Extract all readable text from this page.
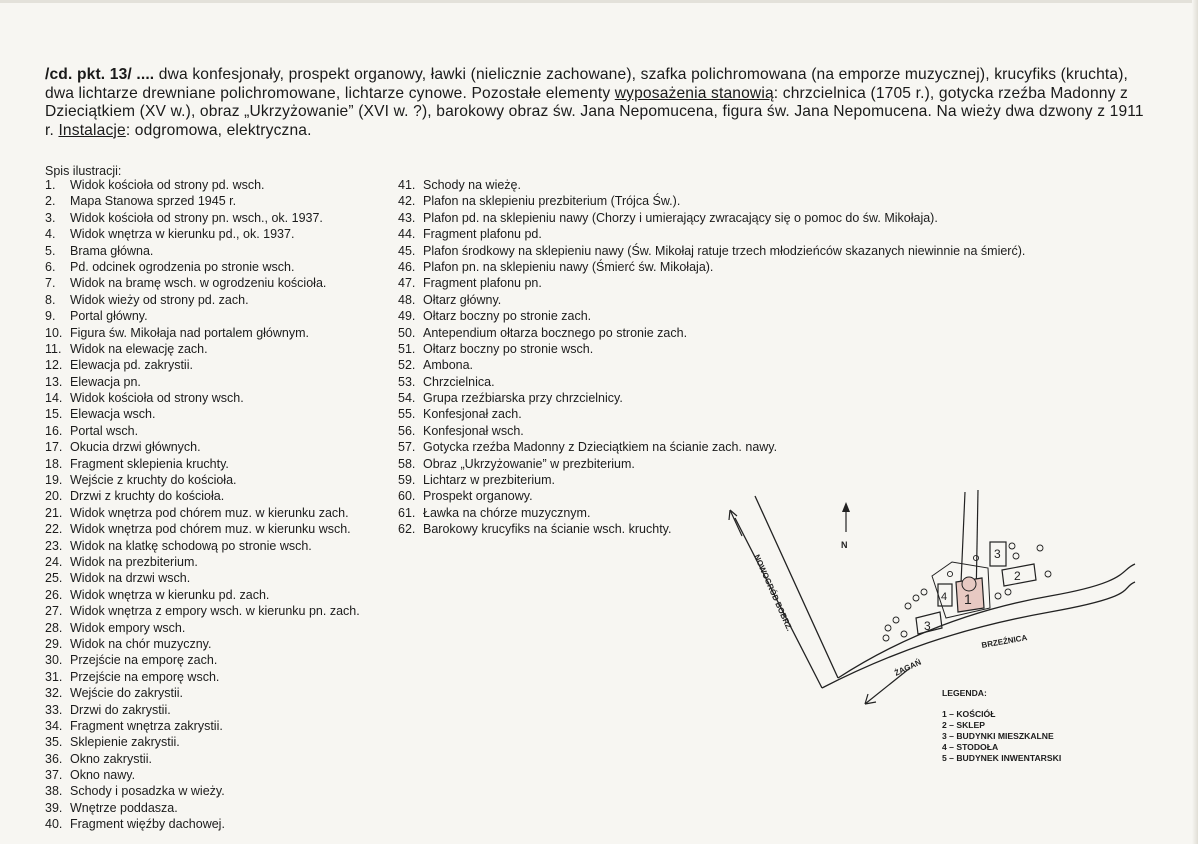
/cd. pkt. 13/ .... dwa konfesjonały, prospekt organowy, ławki (nielicznie zachowane), szafka polichromowana (na emporze muzycznej), krucyfiks (kruchta), dwa lichtarze drewniane polichromowane, lichtarze cynowe. Pozostałe elementy wyposażenia stanowią: chrzcielnica (1705 r.), gotycka rzeźba Madonny z Dzieciątkiem (XV w.), obraz „Ukrzyżowanie” (XVI w. ?), barokowy obraz św. Jana Nepomucena, figura św. Jana Nepomucena. Na wieży dwa dzwony z 1911 r. Instalacje: odgromowa, elektryczna.
Spis ilustracji:
1. Widok kościoła od strony pd. wsch.
2. Mapa Stanowa sprzed 1945 r.
3. Widok kościoła od strony pn. wsch., ok. 1937.
4. Widok wnętrza w kierunku pd., ok. 1937.
5. Brama główna.
6. Pd. odcinek ogrodzenia po stronie wsch.
7. Widok na bramę wsch. w ogrodzeniu kościoła.
8. Widok wieży od strony pd. zach.
9. Portal główny.
10. Figura św. Mikołaja nad portalem głównym.
11. Widok na elewację zach.
12. Elewacja pd. zakrystii.
13. Elewacja pn.
14. Widok kościoła od strony wsch.
15. Elewacja wsch.
16. Portal wsch.
17. Okucia drzwi głównych.
18. Fragment sklepienia kruchty.
19. Wejście z kruchty do kościoła.
20. Drzwi z kruchty do kościoła.
21. Widok wnętrza pod chórem muz. w kierunku zach.
22. Widok wnętrza pod chórem muz. w kierunku wsch.
23. Widok na klatkę schodową po stronie wsch.
24. Widok na prezbiterium.
25. Widok na drzwi wsch.
26. Widok wnętrza w kierunku pd. zach.
27. Widok wnętrza z empory wsch. w kierunku pn. zach.
28. Widok empory wsch.
29. Widok na chór muzyczny.
30. Przejście na emporę zach.
31. Przejście na emporę wsch.
32. Wejście do zakrystii.
33. Drzwi do zakrystii.
34. Fragment wnętrza zakrystii.
35. Sklepienie zakrystii.
36. Okno zakrystii.
37. Okno nawy.
38. Schody i posadzka w wieży.
39. Wnętrze poddasza.
40. Fragment więźby dachowej.
41. Schody na wieżę.
42. Plafon na sklepieniu prezbiterium (Trójca Św.).
43. Plafon pd. na sklepieniu nawy (Chorzy i umierający zwracający się o pomoc do św. Mikołaja).
44. Fragment plafonu pd.
45. Plafon środkowy na sklepieniu nawy (Św. Mikołaj ratuje trzech młodzieńców skazanych niewinnie na śmierć).
46. Plafon pn. na sklepieniu nawy (Śmierć św. Mikołaja).
47. Fragment plafonu pn.
48. Ołtarz główny.
49. Ołtarz boczny po stronie zach.
50. Antependium ołtarza bocznego po stronie zach.
51. Ołtarz boczny po stronie wsch.
52. Ambona.
53. Chrzcielnica.
54. Grupa rzeźbiarska przy chrzcielnicy.
55. Konfesjonał zach.
56. Konfesjonał wsch.
57. Gotycka rzeźba Madonny z Dzieciątkiem na ścianie zach. nawy.
58. Obraz „Ukrzyżowanie” w prezbiterium.
59. Lichtarz w prezbiterium.
60. Prospekt organowy.
61. Ławka na chórze muzycznym.
62. Barokowy krucyfiks na ścianie wsch. kruchty.
N
NOWOGRÓD BOBRZ.
ŻAGAŃ
BRZEŹNICA
1
2
3
3
4
LEGENDA:
1 – KOŚCIÓŁ
2 – SKLEP
3 – BUDYNKI MIESZKALNE
4 – STODOŁA
5 – BUDYNEK INWENTARSKI
